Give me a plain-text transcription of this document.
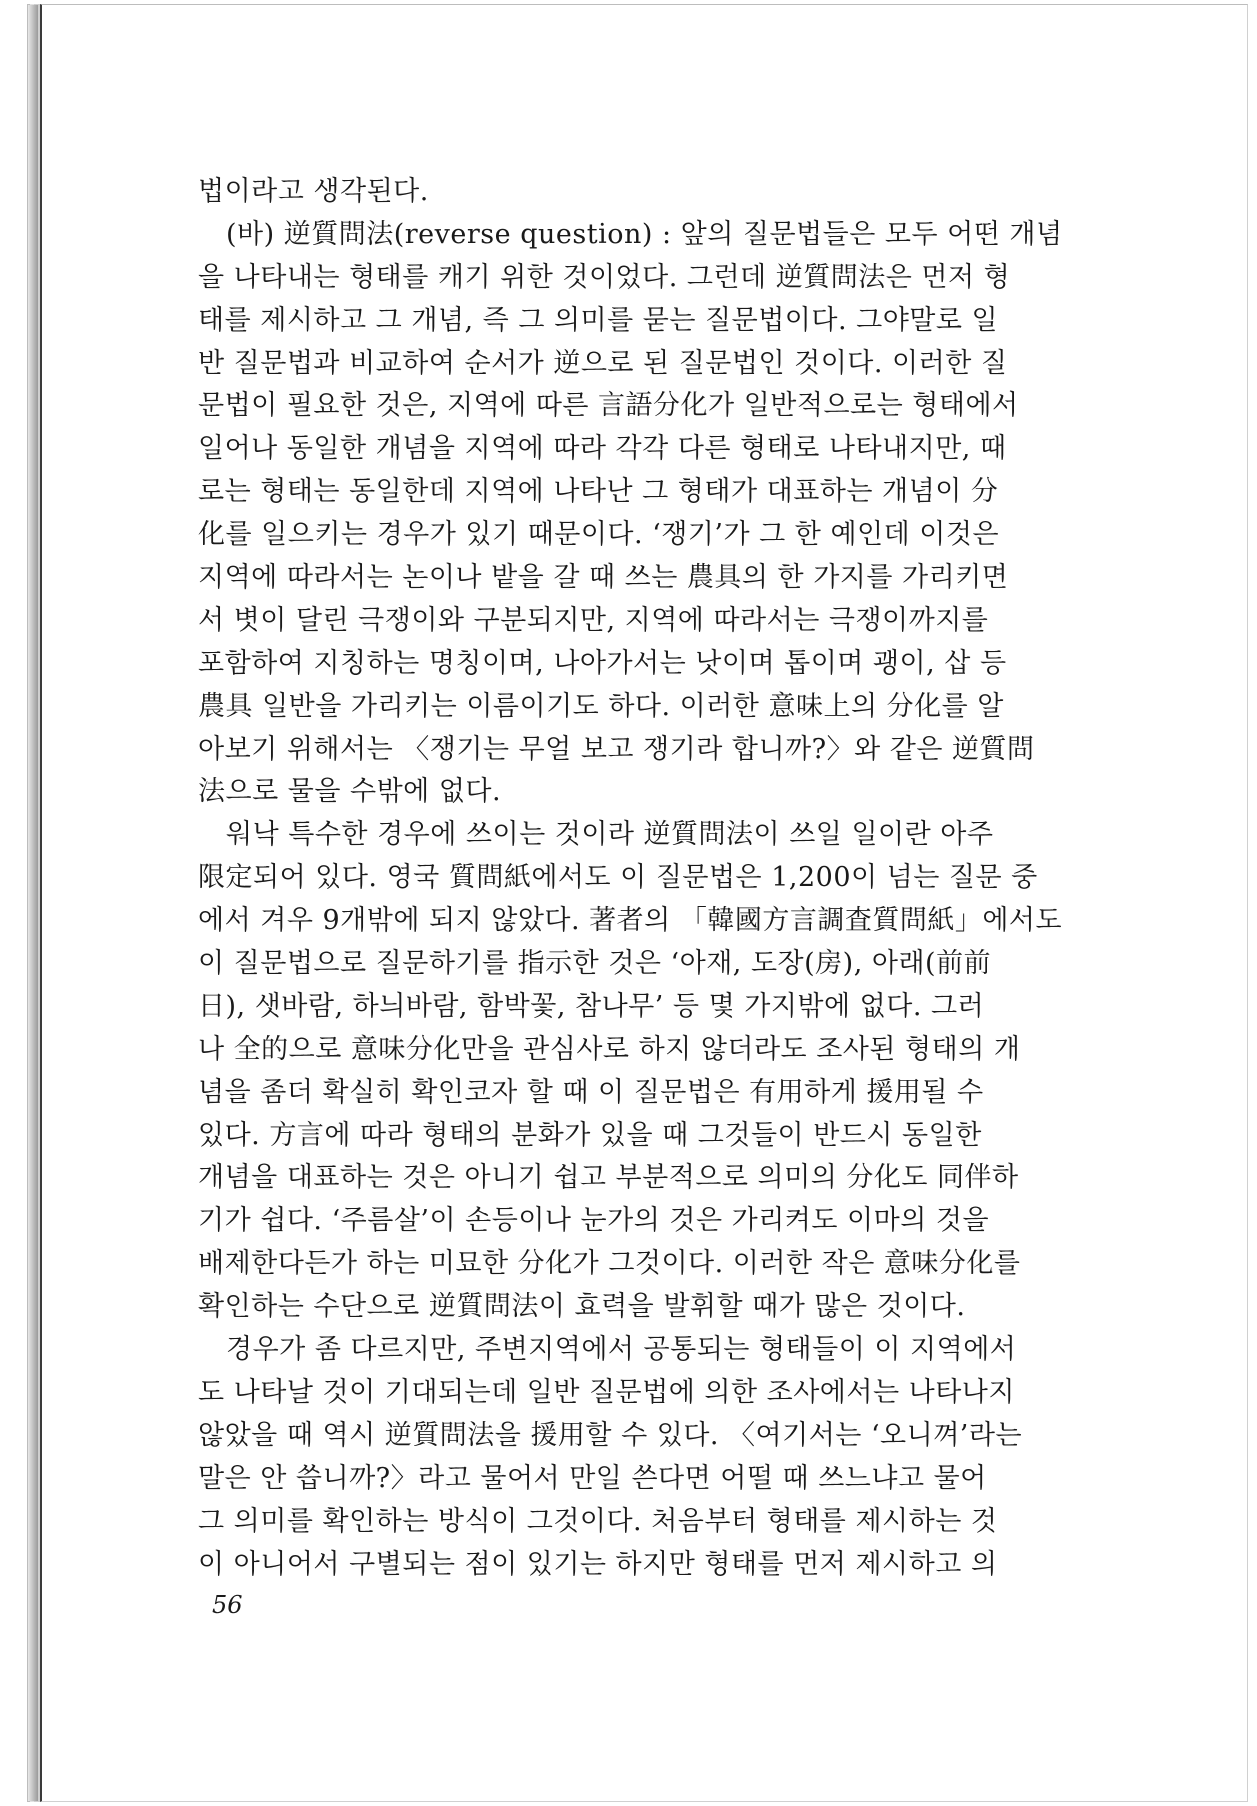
법이라고 생각된다.
(바) 逆質問法(reverse question) : 앞의 질문법들은 모두 어떤 개념
을 나타내는 형태를 캐기 위한 것이었다. 그런데 逆質問法은 먼저 형
태를 제시하고 그 개념, 즉 그 의미를 묻는 질문법이다. 그야말로 일
반 질문법과 비교하여 순서가 逆으로 된 질문법인 것이다. 이러한 질
문법이 필요한 것은, 지역에 따른 言語分化가 일반적으로는 형태에서
일어나 동일한 개념을 지역에 따라 각각 다른 형태로 나타내지만, 때
로는 형태는 동일한데 지역에 나타난 그 형태가 대표하는 개념이 分
化를 일으키는 경우가 있기 때문이다. ‘쟁기’가 그 한 예인데 이것은
지역에 따라서는 논이나 밭을 갈 때 쓰는 農具의 한 가지를 가리키면
서 볏이 달린 극쟁이와 구분되지만, 지역에 따라서는 극쟁이까지를
포함하여 지칭하는 명칭이며, 나아가서는 낫이며 톱이며 괭이, 삽 등
農具 일반을 가리키는 이름이기도 하다. 이러한 意味上의 分化를 알
아보기 위해서는 〈쟁기는 무얼 보고 쟁기라 합니까?〉와 같은 逆質問
法으로 물을 수밖에 없다.
워낙 특수한 경우에 쓰이는 것이라 逆質問法이 쓰일 일이란 아주
限定되어 있다. 영국 質問紙에서도 이 질문법은 1,200이 넘는 질문 중
에서 겨우 9개밖에 되지 않았다. 著者의 「韓國方言調査質問紙」에서도
이 질문법으로 질문하기를 指示한 것은 ‘아재, 도장(房), 아래(前前
日), 샛바람, 하늬바람, 함박꽃, 참나무’ 등 몇 가지밖에 없다. 그러
나 全的으로 意味分化만을 관심사로 하지 않더라도 조사된 형태의 개
념을 좀더 확실히 확인코자 할 때 이 질문법은 有用하게 援用될 수
있다. 方言에 따라 형태의 분화가 있을 때 그것들이 반드시 동일한
개념을 대표하는 것은 아니기 쉽고 부분적으로 의미의 分化도 同伴하
기가 쉽다. ‘주름살’이 손등이나 눈가의 것은 가리켜도 이마의 것을
배제한다든가 하는 미묘한 分化가 그것이다. 이러한 작은 意味分化를
확인하는 수단으로 逆質問法이 효력을 발휘할 때가 많은 것이다.
경우가 좀 다르지만, 주변지역에서 공통되는 형태들이 이 지역에서
도 나타날 것이 기대되는데 일반 질문법에 의한 조사에서는 나타나지
않았을 때 역시 逆質問法을 援用할 수 있다. 〈여기서는 ‘오니껴’라는
말은 안 씁니까?〉라고 물어서 만일 쓴다면 어떨 때 쓰느냐고 물어
그 의미를 확인하는 방식이 그것이다. 처음부터 형태를 제시하는 것
이 아니어서 구별되는 점이 있기는 하지만 형태를 먼저 제시하고 의
56
